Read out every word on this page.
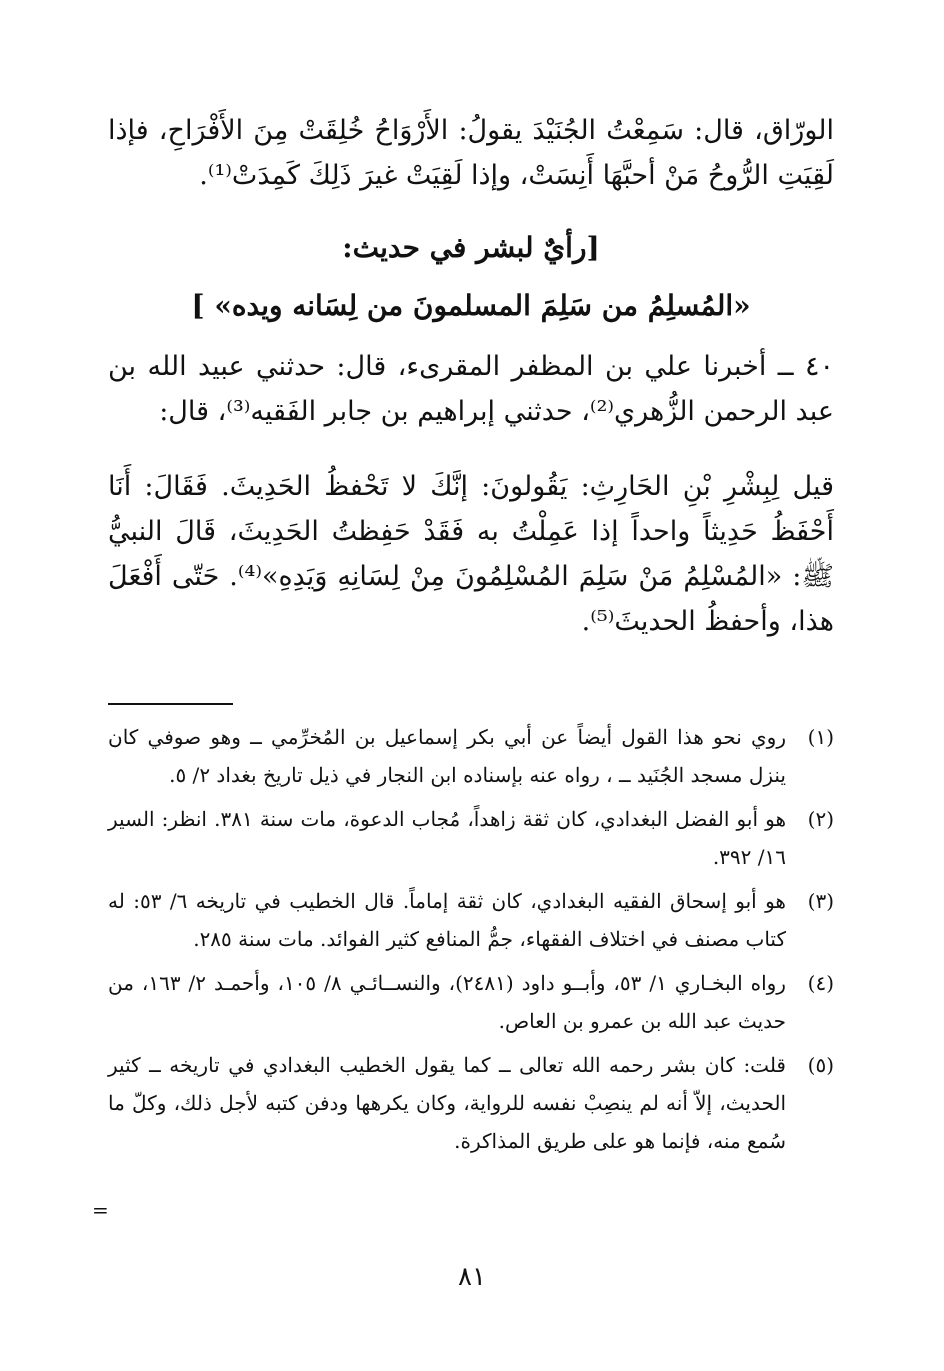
الورّاق، قال: سَمِعْتُ الجُنَيْدَ يقولُ: الأَرْوَاحُ خُلِقَتْ مِنَ الأَفْرَاحِ، فإذا لَقِيَتِ الرُّوحُ مَنْ أحبَّهَا أَنِسَتْ، وإذا لَقِيَتْ غيرَ ذَلِكَ كَمِدَتْ⁽¹⁾.

[رأيٌ لبشر في حديث:

«المُسلِمُ من سَلِمَ المسلمونَ من لِسَانه ويده» ]

٤٠ ــ أخبرنا علي بن المظفر المقرىء، قال: حدثني عبيد الله بن عبد الرحمن الزُّهري⁽²⁾، حدثني إبراهيم بن جابر الفَقيه⁽³⁾، قال:

قيل لِبِشْرِ بْنِ الحَارِثِ: يَقُولونَ: إنَّكَ لا تَحْفظُ الحَدِيثَ. فَقَالَ: أَنَا أَحْفَظُ حَدِيثاً واحداً إذا عَمِلْتُ به فَقَدْ حَفِظتُ الحَدِيثَ، قَالَ النبيُّ ﷺ: «المُسْلِمُ مَنْ سَلِمَ المُسْلِمُونَ مِنْ لِسَانِهِ وَيَدِهِ»⁽⁴⁾. حَتّى أَفْعَلَ هذا، وأحفظُ الحديثَ⁽⁵⁾.

(١)
روي نحو هذا القول أيضاً عن أبي بكر إسماعيل بن المُخرِّمي ــ وهو صوفي كان ينزل مسجد الجُنَيد ــ ، رواه عنه بإسناده ابن النجار في ذيل تاريخ بغداد ٢/ ٥.
(٢)
هو أبو الفضل البغدادي، كان ثقة زاهداً، مُجاب الدعوة، مات سنة ٣٨١. انظر: السير ١٦/ ٣٩٢.
(٣)
هو أبو إسحاق الفقيه البغدادي، كان ثقة إماماً. قال الخطيب في تاريخه ٦/ ٥٣: له كتاب مصنف في اختلاف الفقهاء، جمُّ المنافع كثير الفوائد. مات سنة ٢٨٥.
(٤)
رواه البخـاري ١/ ٥٣، وأبــو داود (٢٤٨١)، والنســائـي ٨/ ١٠٥، وأحمـد ٢/ ١٦٣، من حديث عبد الله بن عمرو بن العاص.
(٥)
قلت: كان بشر رحمه الله تعالى ــ كما يقول الخطيب البغدادي في تاريخه ــ كثير الحديث، إلاّ أنه لم ينصِبْ نفسه للرواية، وكان يكرهها ودفن كتبه لأجل ذلك، وكلّ ما سُمع منه، فإنما هو على طريق المذاكرة.
=
٨١
